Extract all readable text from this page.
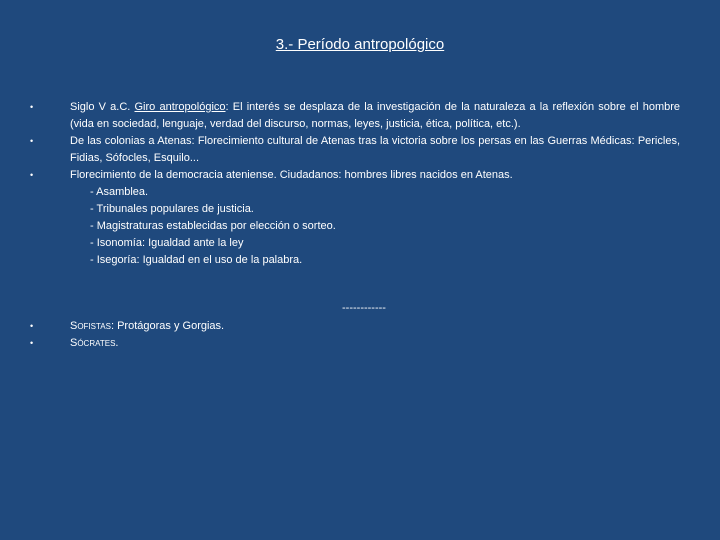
3.- Período antropológico
•	Siglo V a.C. Giro antropológico: El interés se desplaza de la investigación de la naturaleza a la reflexión sobre el hombre (vida en sociedad, lenguaje, verdad del discurso, normas, leyes, justicia, ética, política, etc.).
•	De las colonias a Atenas: Florecimiento cultural de Atenas tras la victoria sobre los persas en las Guerras Médicas: Pericles, Fidias, Sófocles, Esquilo...
•	Florecimiento de la democracia ateniense. Ciudadanos: hombres libres nacidos en Atenas.
- Asamblea.
- Tribunales populares de justicia.
- Magistraturas establecidas por elección o sorteo.
- Isonomía: Igualdad ante la ley
- Isegoría: Igualdad en el uso de la palabra.
------------
•	Sofistas: Protágoras y Gorgias.
•	Sócrates.
